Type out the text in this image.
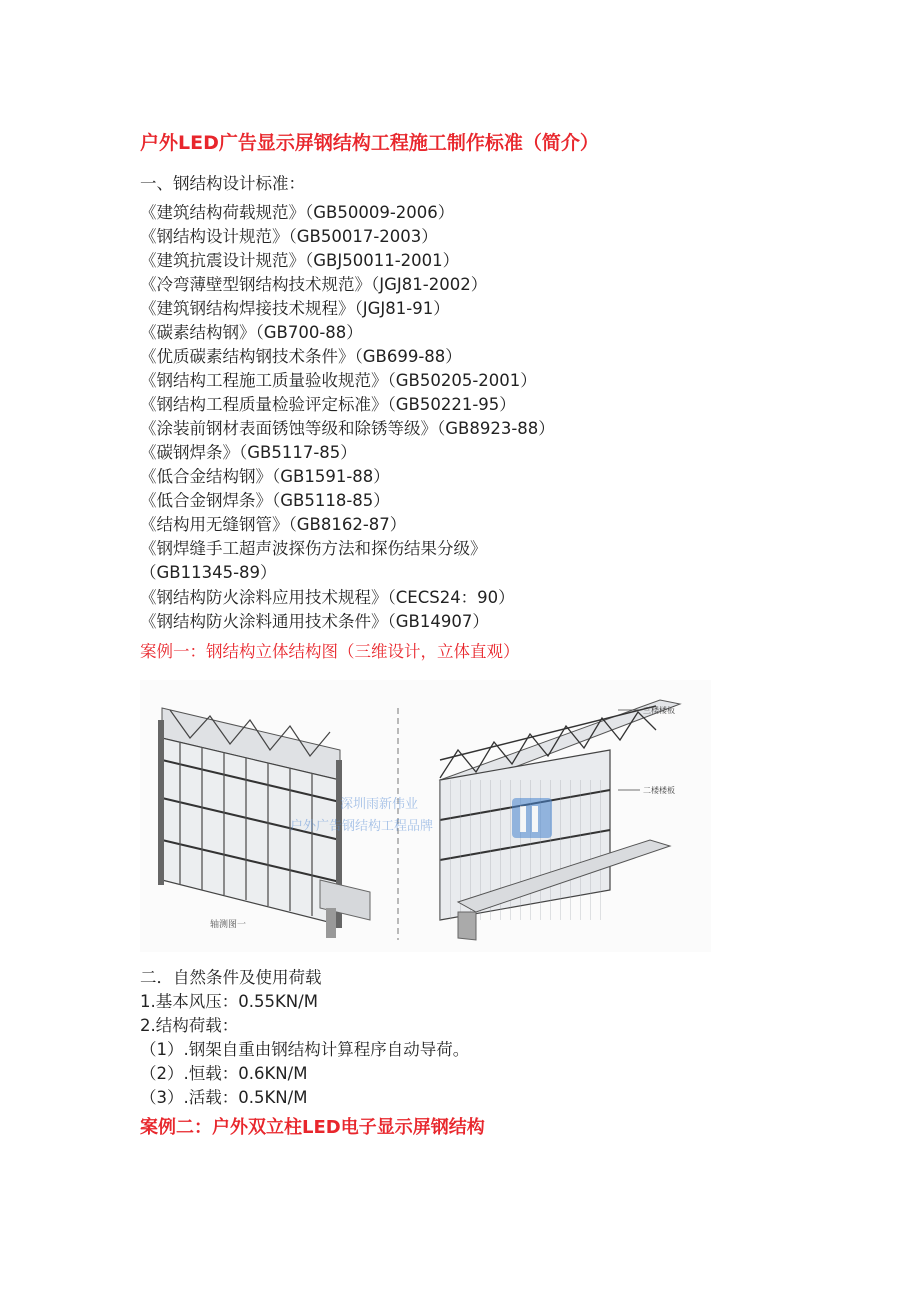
户外LED广告显示屏钢结构工程施工制作标准（简介）
一、钢结构设计标准：
《建筑结构荷载规范》（GB50009-2006）
《钢结构设计规范》（GB50017-2003）
《建筑抗震设计规范》（GBJ50011-2001）
《冷弯薄壁型钢结构技术规范》（JGJ81-2002）
《建筑钢结构焊接技术规程》（JGJ81-91）
《碳素结构钢》（GB700-88）
《优质碳素结构钢技术条件》（GB699-88）
《钢结构工程施工质量验收规范》（GB50205-2001）
《钢结构工程质量检验评定标准》（GB50221-95）
《涂装前钢材表面锈蚀等级和除锈等级》（GB8923-88）
《碳钢焊条》（GB5117-85）
《低合金结构钢》（GB1591-88）
《低合金钢焊条》（GB5118-85）
《结构用无缝钢管》（GB8162-87）
《钢焊缝手工超声波探伤方法和探伤结果分级》
（GB11345-89）
《钢结构防火涂料应用技术规程》（CECS24：90）
《钢结构防火涂料通用技术条件》（GB14907）
案例一：钢结构立体结构图（三维设计，立体直观）
轴测图一
三楼楼板
二楼楼板
深圳雨新伟业
户外广告钢结构工程品牌
二．自然条件及使用荷载
1.基本风压：0.55KN/M
2.结构荷载：
（1）.钢架自重由钢结构计算程序自动导荷。
（2）.恒载：0.6KN/M
（3）.活载：0.5KN/M
案例二：户外双立柱LED电子显示屏钢结构
